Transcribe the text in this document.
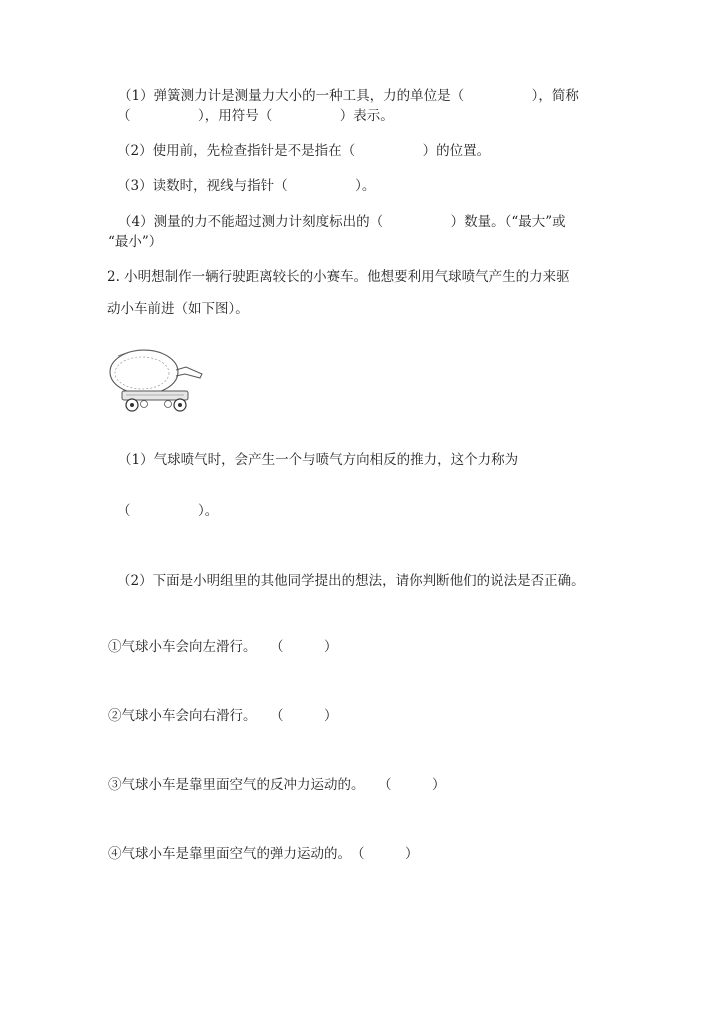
（1）弹簧测力计是测量力大小的一种工具，力的单位是（　　　　　），简称
（　　　　　），用符号（　　　　　）表示。
（2）使用前，先检查指针是不是指在（　　　　　）的位置。
（3）读数时，视线与指针（　　　　　）。
（4）测量的力不能超过测力计刻度标出的（　　　　　）数量。（“最大”或
“最小”）
2. 小明想制作一辆行驶距离较长的小赛车。他想要利用气球喷气产生的力来驱
动小车前进（如下图）。
（1）气球喷气时，会产生一个与喷气方向相反的推力，这个力称为
（　　　　　）。
（2）下面是小明组里的其他同学提出的想法，请你判断他们的说法是否正确。
①气球小车会向左滑行。　　（　　　）
②气球小车会向右滑行。　　（　　　）
③气球小车是靠里面空气的反冲力运动的。　　（　　　）
④气球小车是靠里面空气的弹力运动的。　（　　　）
